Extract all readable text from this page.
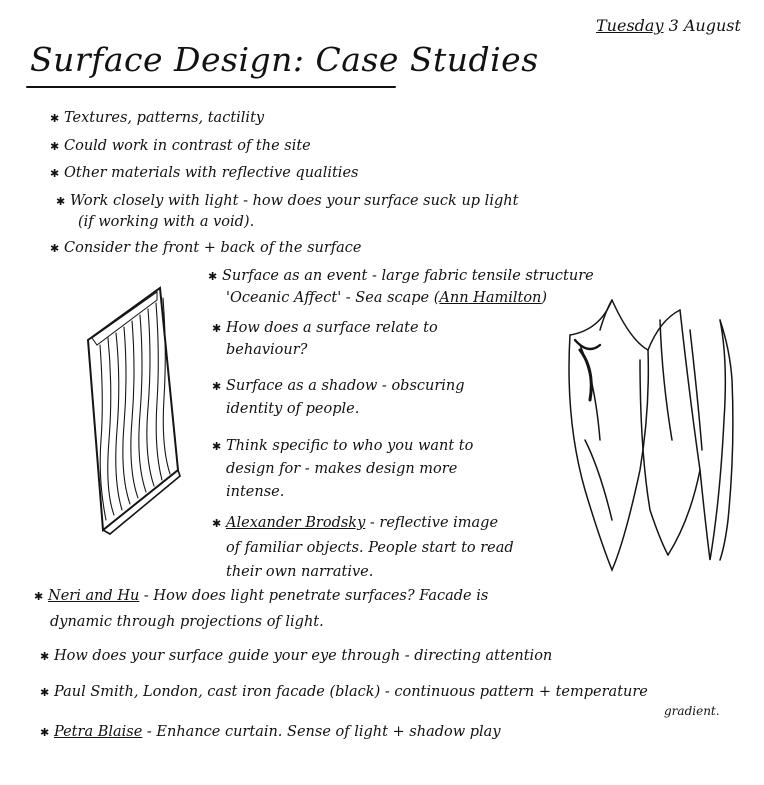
Tuesday 3 August
Surface Design: Case Studies
✱ Textures, patterns, tactility
✱ Could work in contrast of the site
✱ Other materials with reflective qualities
✱ Work closely with light - how does your surface suck up light
(if working with a void).
✱ Consider the front + back of the surface
✱ Surface as an event - large fabric tensile structure
'Oceanic Affect' - Sea scape (Ann Hamilton)
✱ How does a surface relate to
behaviour?
✱ Surface as a shadow - obscuring
identity of people.
✱ Think specific to who you want to
design for - makes design more
intense.
✱ Alexander Brodsky - reflective image
of familiar objects. People start to read
their own narrative.
✱ Neri and Hu - How does light penetrate surfaces? Facade is
dynamic through projections of light.
✱ How does your surface guide your eye through - directing attention
✱ Paul Smith, London, cast iron facade (black) - continuous pattern + temperature
gradient.
✱ Petra Blaise - Enhance curtain. Sense of light + shadow play
